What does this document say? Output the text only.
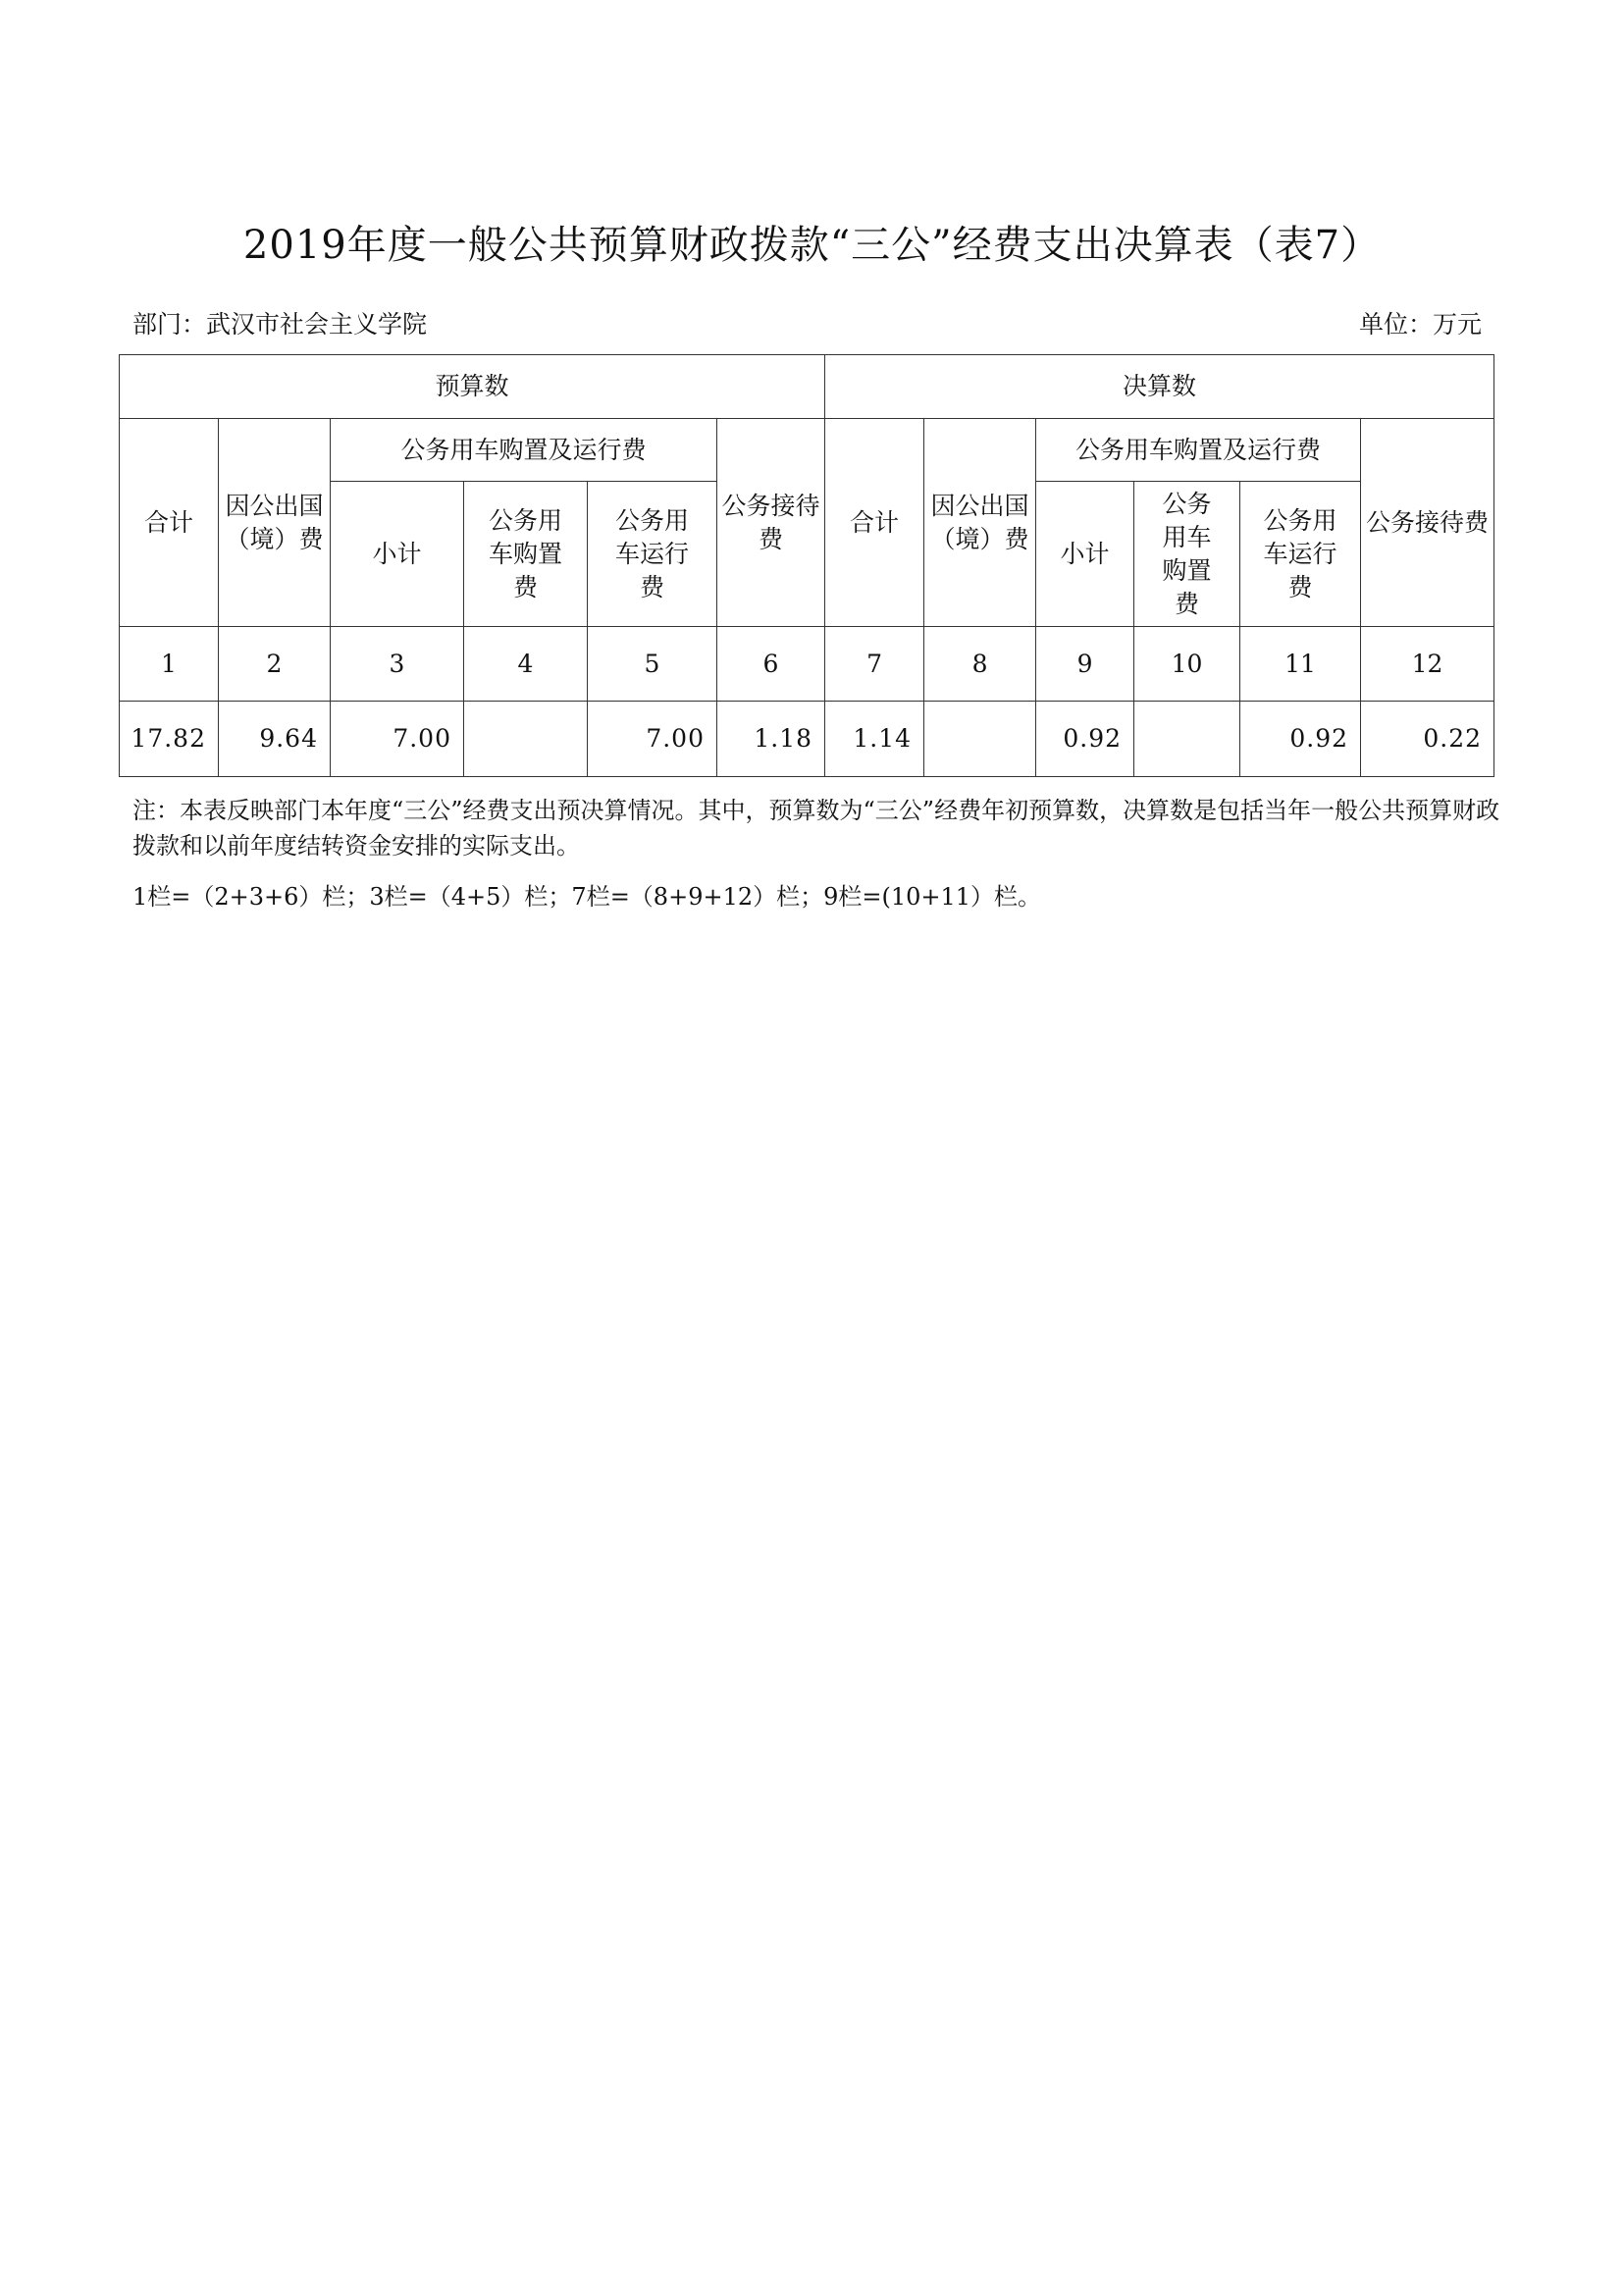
2019年度一般公共预算财政拨款“三公”经费支出决算表（表7）
部门：武汉市社会主义学院	单位：万元
预算数						决算数					
合计	因公出国（境）费	公务用车购置及运行费			公务接待费	合计	因公出国（境）费	公务用车购置及运行费			公务接待费
		小计	公务用车购置费	公务用车运行费				小计	公务用车购置费	公务用车运行费	
1	2	3	4	5	6	7	8	9	10	11	12
17.82	9.64	7.00		7.00	1.18	1.14		0.92		0.92	0.22

注：本表反映部门本年度“三公”经费支出预决算情况。其中，预算数为“三公”经费年初预算数，决算数是包括当年一般公共预算财政拨款和以前年度结转资金安排的实际支出。

1栏=（2+3+6）栏；3栏=（4+5）栏；7栏=（8+9+12）栏；9栏=(10+11）栏。
